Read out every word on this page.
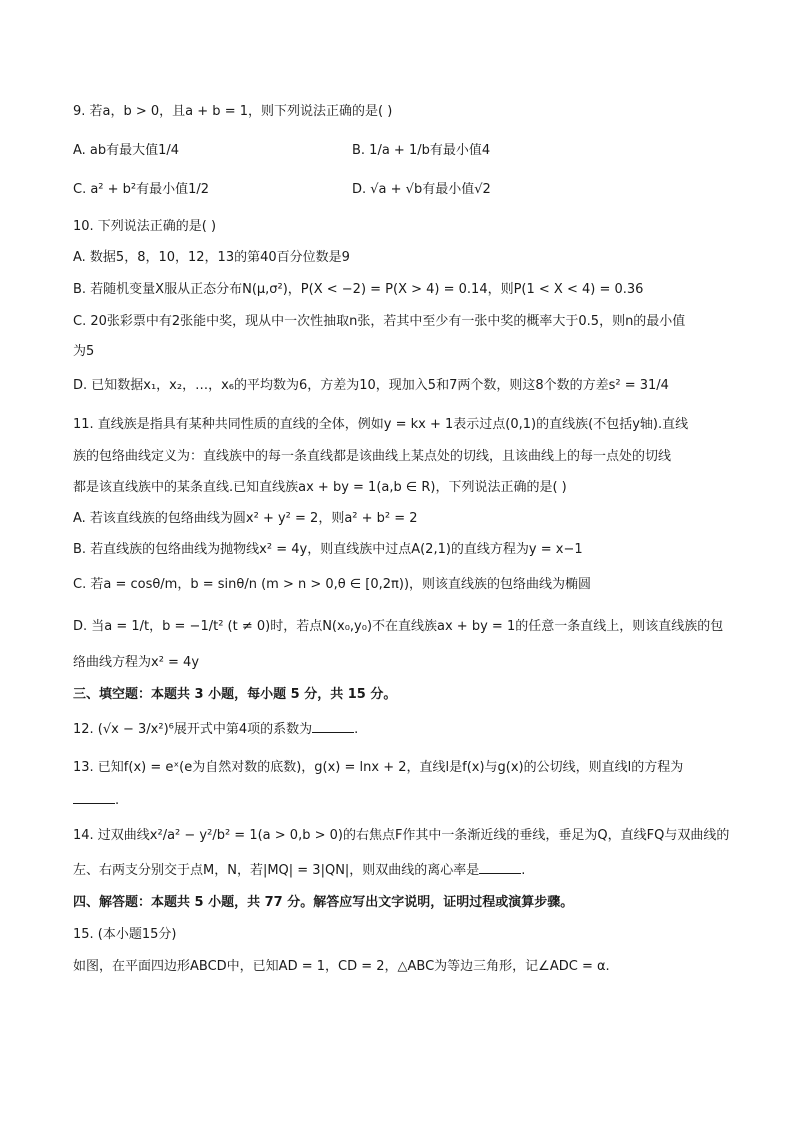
9. 若a，b > 0，且a + b = 1，则下列说法正确的是( )
A. ab有最大值1/4	B. 1/a + 1/b有最小值4
C. a² + b²有最小值1/2	D. √a + √b有最小值√2
10. 下列说法正确的是( )
A. 数据5，8，10，12，13的第40百分位数是9
B. 若随机变量X服从正态分布N(μ,σ²)，P(X < −2) = P(X > 4) = 0.14，则P(1 < X < 4) = 0.36
C. 20张彩票中有2张能中奖，现从中一次性抽取n张，若其中至少有一张中奖的概率大于0.5，则n的最小值
为5
D. 已知数据x₁，x₂，…，x₆的平均数为6，方差为10，现加入5和7两个数，则这8个数的方差s² = 31/4
11. 直线族是指具有某种共同性质的直线的全体，例如y = kx + 1表示过点(0,1)的直线族(不包括y轴).直线
族的包络曲线定义为：直线族中的每一条直线都是该曲线上某点处的切线，且该曲线上的每一点处的切线
都是该直线族中的某条直线.已知直线族ax + by = 1(a,b ∈ R)，下列说法正确的是( )
A. 若该直线族的包络曲线为圆x² + y² = 2，则a² + b² = 2
B. 若直线族的包络曲线为抛物线x² = 4y，则直线族中过点A(2,1)的直线方程为y = x−1
C. 若a = cosθ/m，b = sinθ/n (m > n > 0,θ ∈ [0,2π))，则该直线族的包络曲线为椭圆
D. 当a = 1/t，b = −1/t² (t ≠ 0)时，若点N(x₀,y₀)不在直线族ax + by = 1的任意一条直线上，则该直线族的包
络曲线方程为x² = 4y
三、填空题：本题共 3 小题，每小题 5 分，共 15 分。
12. (√x − 3/x²)⁶展开式中第4项的系数为	.
13. 已知f(x) = eˣ(e为自然对数的底数)，g(x) = lnx + 2，直线l是f(x)与g(x)的公切线，则直线l的方程为
.
14. 过双曲线x²/a² − y²/b² = 1(a > 0,b > 0)的右焦点F作其中一条渐近线的垂线，垂足为Q，直线FQ与双曲线的
左、右两支分别交于点M，N，若|MQ| = 3|QN|，则双曲线的离心率是	.
四、解答题：本题共 5 小题，共 77 分。解答应写出文字说明，证明过程或演算步骤。
15. (本小题15分)
如图，在平面四边形ABCD中，已知AD = 1，CD = 2，△ABC为等边三角形，记∠ADC = α.
